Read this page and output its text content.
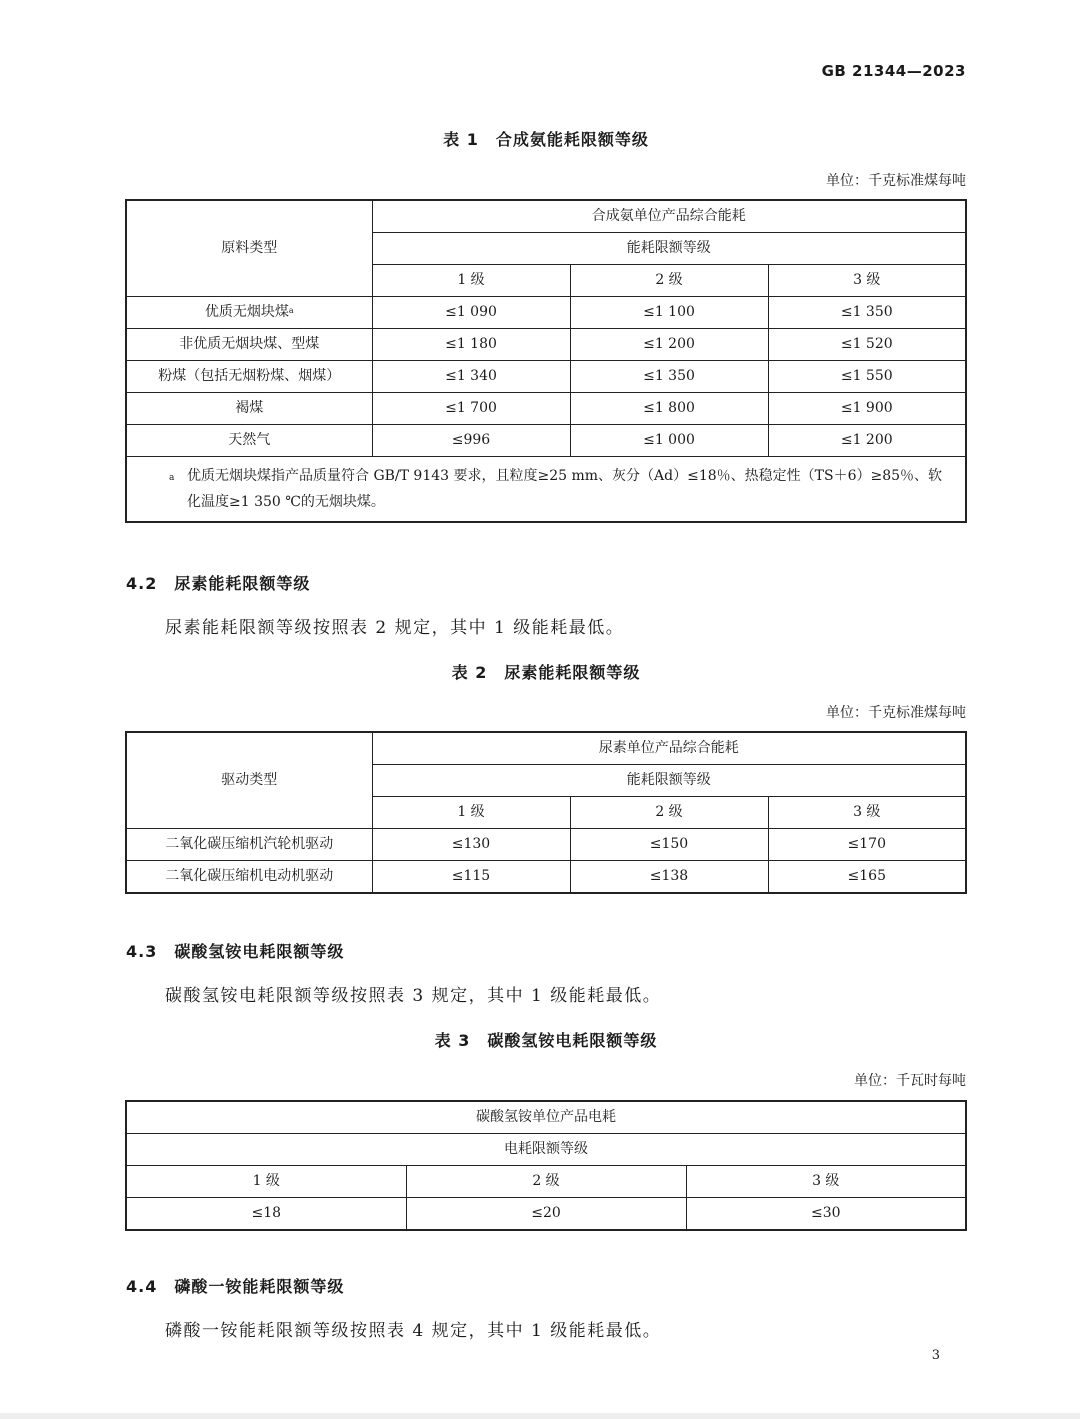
GB 21344—2023
表 1　合成氨能耗限额等级
单位：千克标准煤每吨
原料类型	合成氨单位产品综合能耗		
	能耗限额等级		
	1 级	2 级	3 级
优质无烟块煤$^a$	≤1 090	≤1 100	≤1 350
非优质无烟块煤、型煤	≤1 180	≤1 200	≤1 520
粉煤（包括无烟粉煤、烟煤）	≤1 340	≤1 350	≤1 550
褐煤	≤1 700	≤1 800	≤1 900
天然气	≤996	≤1 000	≤1 200

a 优质无烟块煤指产品质量符合 GB/T 9143 要求，且粒度≥25 mm、灰分（Ad）≤18％、热稳定性（TS＋6）≥85％、软化温度≥1 350 ℃的无烟块煤。			
4.2　尿素能耗限额等级
尿素能耗限额等级按照表 2 规定，其中 1 级能耗最低。
表 2　尿素能耗限额等级
单位：千克标准煤每吨
驱动类型	尿素单位产品综合能耗		
	能耗限额等级		
	1 级	2 级	3 级
二氧化碳压缩机汽轮机驱动	≤130	≤150	≤170
二氧化碳压缩机电动机驱动	≤115	≤138	≤165
4.3　碳酸氢铵电耗限额等级
碳酸氢铵电耗限额等级按照表 3 规定，其中 1 级能耗最低。
表 3　碳酸氢铵电耗限额等级
单位：千瓦时每吨
碳酸氢铵单位产品电耗		
电耗限额等级		
1 级	2 级	3 级
≤18	≤20	≤30
4.4　磷酸一铵能耗限额等级
磷酸一铵能耗限额等级按照表 4 规定，其中 1 级能耗最低。
3
